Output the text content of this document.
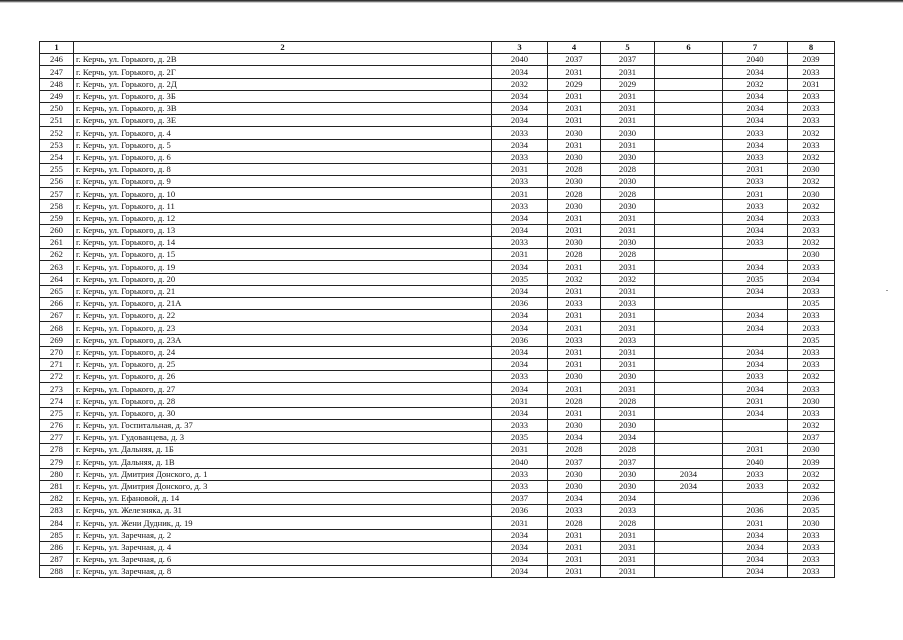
1	2	3	4	5	6	7	8
246	г. Керчь, ул. Горького, д. 2В	2040	2037	2037		2040	2039
247	г. Керчь, ул. Горького, д. 2Г	2034	2031	2031		2034	2033
248	г. Керчь, ул. Горького, д. 2Д	2032	2029	2029		2032	2031
249	г. Керчь, ул. Горького, д. 3Б	2034	2031	2031		2034	2033
250	г. Керчь, ул. Горького, д. 3В	2034	2031	2031		2034	2033
251	г. Керчь, ул. Горького, д. 3Е	2034	2031	2031		2034	2033
252	г. Керчь, ул. Горького, д. 4	2033	2030	2030		2033	2032
253	г. Керчь, ул. Горького, д. 5	2034	2031	2031		2034	2033
254	г. Керчь, ул. Горького, д. 6	2033	2030	2030		2033	2032
255	г. Керчь, ул. Горького, д. 8	2031	2028	2028		2031	2030
256	г. Керчь, ул. Горького, д. 9	2033	2030	2030		2033	2032
257	г. Керчь, ул. Горького, д. 10	2031	2028	2028		2031	2030
258	г. Керчь, ул. Горького, д. 11	2033	2030	2030		2033	2032
259	г. Керчь, ул. Горького, д. 12	2034	2031	2031		2034	2033
260	г. Керчь, ул. Горького, д. 13	2034	2031	2031		2034	2033
261	г. Керчь, ул. Горького, д. 14	2033	2030	2030		2033	2032
262	г. Керчь, ул. Горького, д. 15	2031	2028	2028			2030
263	г. Керчь, ул. Горького, д. 19	2034	2031	2031		2034	2033
264	г. Керчь, ул. Горького, д. 20	2035	2032	2032		2035	2034
265	г. Керчь, ул. Горького, д. 21	2034	2031	2031		2034	2033
266	г. Керчь, ул. Горького, д. 21А	2036	2033	2033			2035
267	г. Керчь, ул. Горького, д. 22	2034	2031	2031		2034	2033
268	г. Керчь, ул. Горького, д. 23	2034	2031	2031		2034	2033
269	г. Керчь, ул. Горького, д. 23А	2036	2033	2033			2035
270	г. Керчь, ул. Горького, д. 24	2034	2031	2031		2034	2033
271	г. Керчь, ул. Горького, д. 25	2034	2031	2031		2034	2033
272	г. Керчь, ул. Горького, д. 26	2033	2030	2030		2033	2032
273	г. Керчь, ул. Горького, д. 27	2034	2031	2031		2034	2033
274	г. Керчь, ул. Горького, д. 28	2031	2028	2028		2031	2030
275	г. Керчь, ул. Горького, д. 30	2034	2031	2031		2034	2033
276	г. Керчь, ул. Госпитальная, д. 37	2033	2030	2030			2032
277	г. Керчь, ул. Гудованцева, д. 3	2035	2034	2034			2037
278	г. Керчь, ул. Дальняя, д. 1Б	2031	2028	2028		2031	2030
279	г. Керчь, ул. Дальняя, д. 1В	2040	2037	2037		2040	2039
280	г. Керчь, ул. Дмитрия Донского, д. 1	2033	2030	2030	2034	2033	2032
281	г. Керчь, ул. Дмитрия Донского, д. 3	2033	2030	2030	2034	2033	2032
282	г. Керчь, ул. Ефановой, д. 14	2037	2034	2034			2036
283	г. Керчь, ул. Железнякa, д. 31	2036	2033	2033		2036	2035
284	г. Керчь, ул. Жени Дудник, д. 19	2031	2028	2028		2031	2030
285	г. Керчь, ул. Заречная, д. 2	2034	2031	2031		2034	2033
286	г. Керчь, ул. Заречная, д. 4	2034	2031	2031		2034	2033
287	г. Керчь, ул. Заречная, д. 6	2034	2031	2031		2034	2033
288	г. Керчь, ул. Заречная, д. 8	2034	2031	2031		2034	2033
